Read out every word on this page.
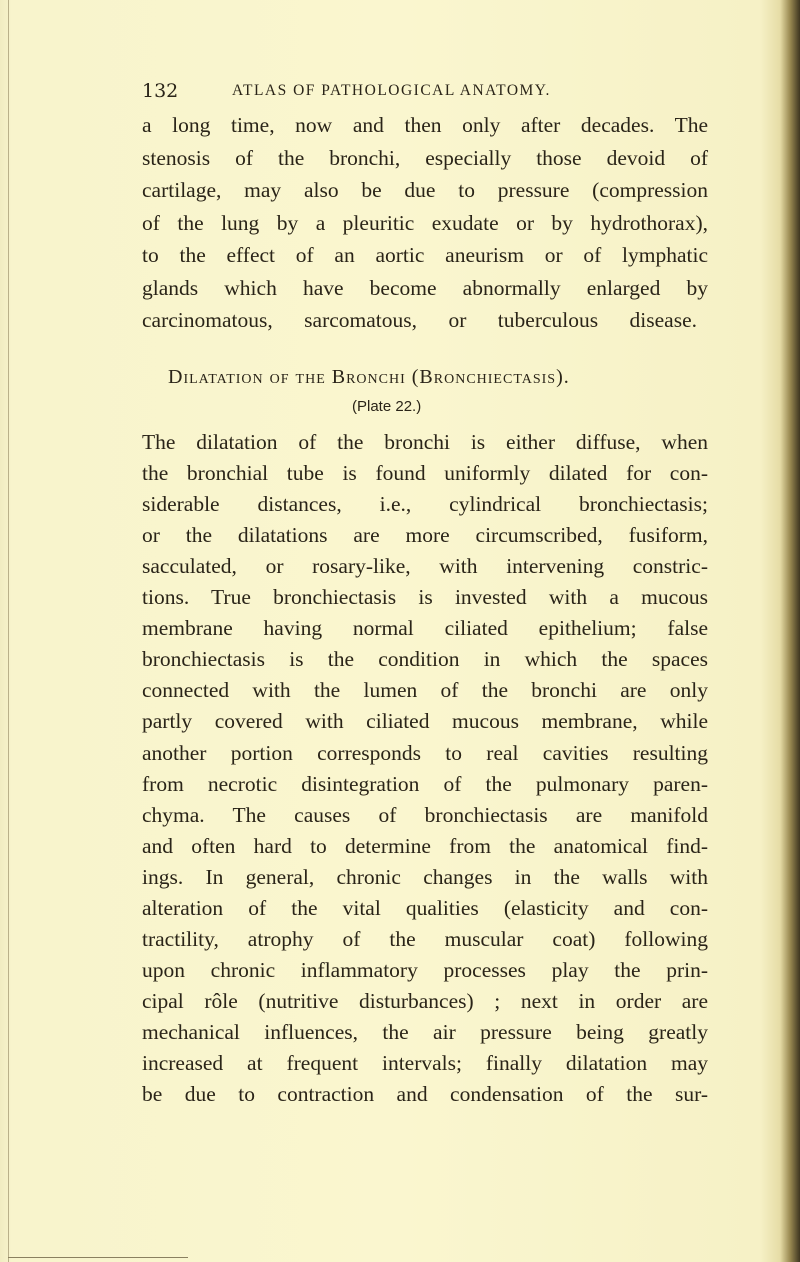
132	ATLAS OF PATHOLOGICAL ANATOMY.
a long time, now and then only after decades. The
stenosis of the bronchi, especially those devoid of
cartilage, may also be due to pressure (compression
of the lung by a pleuritic exudate or by hydrothorax),
to the effect of an aortic aneurism or of lymphatic
glands which have become abnormally enlarged by
carcinomatous, sarcomatous, or tuberculous disease.
Dilatation of the Bronchi (Bronchiectasis).
(Plate 22.)
The dilatation of the bronchi is either diffuse, when
the bronchial tube is found uniformly dilated for con-
siderable distances, i.e., cylindrical bronchiectasis;
or the dilatations are more circumscribed, fusiform,
sacculated, or rosary-like, with intervening constric-
tions. True bronchiectasis is invested with a mucous
membrane having normal ciliated epithelium; false
bronchiectasis is the condition in which the spaces
connected with the lumen of the bronchi are only
partly covered with ciliated mucous membrane, while
another portion corresponds to real cavities resulting
from necrotic disintegration of the pulmonary paren-
chyma. The causes of bronchiectasis are manifold
and often hard to determine from the anatomical find-
ings. In general, chronic changes in the walls with
alteration of the vital qualities (elasticity and con-
tractility, atrophy of the muscular coat) following
upon chronic inflammatory processes play the prin-
cipal rôle (nutritive disturbances) ; next in order are
mechanical influences, the air pressure being greatly
increased at frequent intervals; finally dilatation may
be due to contraction and condensation of the sur-
